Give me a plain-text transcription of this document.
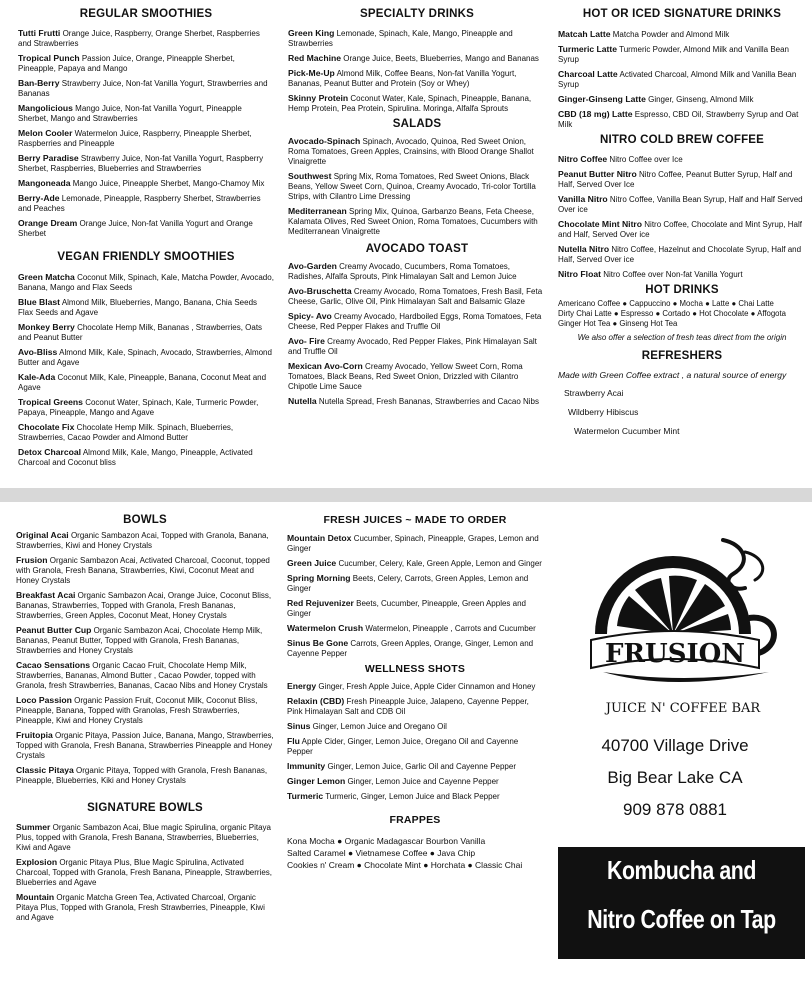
REGULAR SMOOTHIES
Tutti Frutti Orange Juice, Raspberry, Orange Sherbet, Raspberries and Strawberries
Tropical Punch Passion Juice, Orange, Pineapple Sherbet, Pineapple, Papaya and Mango
Ban-Berry Strawberry Juice, Non-fat Vanilla Yogurt, Strawberries and Bananas
Mangolicious Mango Juice, Non-fat Vanilla Yogurt, Pineapple Sherbet, Mango and Strawberries
Melon Cooler Watermelon Juice, Raspberry, Pineapple Sherbet, Raspberries and Pineapple
Berry Paradise Strawberry Juice, Non-fat Vanilla Yogurt, Raspberry Sherbet, Raspberries, Blueberries and Strawberries
Mangoneada Mango Juice, Pineapple Sherbet, Mango-Chamoy Mix
Berry-Ade Lemonade, Pineapple, Raspberry Sherbet, Strawberries and Peaches
Orange Dream Orange Juice, Non-fat Vanilla Yogurt and Orange Sherbet
VEGAN FRIENDLY SMOOTHIES
Green Matcha Coconut Milk, Spinach, Kale, Matcha Powder, Avocado, Banana, Mango and Flax Seeds
Blue Blast Almond Milk, Blueberries, Mango, Banana, Chia Seeds Flax Seeds and Agave
Monkey Berry Chocolate Hemp Milk, Bananas , Strawberries, Oats and Peanut Butter
Avo-Bliss Almond Milk, Kale, Spinach, Avocado, Strawberries, Almond Butter and Agave
Kale-Ada Coconut Milk, Kale, Pineapple, Banana, Coconut Meat and Agave
Tropical Greens Coconut Water, Spinach, Kale, Turmeric Powder, Papaya, Pineapple, Mango and Agave
Chocolate Fix Chocolate Hemp Milk. Spinach, Blueberries, Strawberries, Cacao Powder and Almond Butter
Detox Charcoal Almond Milk, Kale, Mango, Pineapple, Activated Charcoal and Coconut bliss
SPECIALTY DRINKS
Green King Lemonade, Spinach, Kale, Mango, Pineapple and Strawberries
Red Machine Orange Juice, Beets, Blueberries, Mango and Bananas
Pick-Me-Up Almond Milk, Coffee Beans, Non-fat Vanilla Yogurt, Bananas, Peanut Butter and Protein (Soy or Whey)
Skinny Protein Coconut Water, Kale, Spinach, Pineapple, Banana, Hemp Protein, Pea Protein, Spirulina. Moringa, Alfalfa Sprouts
SALADS
Avocado-Spinach Spinach, Avocado, Quinoa, Red Sweet Onion, Roma Tomatoes, Green Apples, Crainsins, with Blood Orange Shallot Vinaigrette
Southwest Spring Mix, Roma Tomatoes, Red Sweet Onions, Black Beans, Yellow Sweet Corn, Quinoa, Creamy Avocado, Tri-color Tortilla Strips, with Cilantro Lime Dressing
Mediterranean Spring Mix, Quinoa, Garbanzo Beans, Feta Cheese, Kalamata Olives, Red Sweet Onion, Roma Tomatoes, Cucumbers with Mediterranean Vinaigrette
AVOCADO TOAST
Avo-Garden Creamy Avocado, Cucumbers, Roma Tomatoes, Radishes, Alfalfa Sprouts, Pink Himalayan Salt and Lemon Juice
Avo-Bruschetta Creamy Avocado, Roma Tomatoes, Fresh Basil, Feta Cheese, Garlic, Olive Oil, Pink Himalayan Salt and Balsamic Glaze
Spicy- Avo Creamy Avocado, Hardboiled Eggs, Roma Tomatoes, Feta Cheese, Red Pepper Flakes and Truffle Oil
Avo- Fire Creamy Avocado, Red Pepper Flakes, Pink Himalayan Salt and Truffle Oil
Mexican Avo-Corn Creamy Avocado, Yellow Sweet Corn, Roma Tomatoes, Black Beans, Red Sweet Onion, Drizzled with Cilantro Chipotle Lime Sauce
Nutella Nutella Spread, Fresh Bananas, Strawberries and Cacao Nibs
HOT OR ICED SIGNATURE DRINKS
Matcah Latte Matcha Powder and Almond Milk
Turmeric Latte Turmeric Powder, Almond Milk and Vanilla Bean Syrup
Charcoal Latte Activated Charcoal, Almond Milk and Vanilla Bean Syrup
Ginger-Ginseng Latte Ginger, Ginseng, Almond Milk
CBD (18 mg) Latte Espresso, CBD Oil, Strawberry Syrup and Oat Milk
NITRO COLD BREW COFFEE
Nitro Coffee Nitro Coffee over Ice
Peanut Butter Nitro Nitro Coffee, Peanut Butter Syrup, Half and Half, Served Over Ice
Vanilla Nitro Nitro Coffee, Vanilla Bean Syrup, Half and Half Served Over ice
Chocolate Mint Nitro Nitro Coffee, Chocolate and Mint Syrup, Half and Half, Served Over ice
Nutella Nitro Nitro Coffee, Hazelnut and Chocolate Syrup, Half and Half, Served Over ice
Nitro Float Nitro Coffee over Non-fat Vanilla Yogurt
HOT DRINKS
Americano Coffee ● Cappuccino ● Mocha ● Latte ● Chai Latte
Dirty Chai Latte ● Espresso ● Cortado ● Hot Chocolate ● Affogota
Ginger Hot Tea ● Ginseng Hot Tea
We also offer a selection of fresh teas direct from the origin
REFRESHERS
Made with Green Coffee extract , a natural source of energy
Strawberry Acai
Wildberry Hibiscus
Watermelon Cucumber Mint
BOWLS
Original Acai Organic Sambazon Acai, Topped with Granola, Banana, Strawberries, Kiwi and Honey Crystals
Frusion Organic Sambazon Acai, Activated Charcoal, Coconut, topped with Granola, Fresh Banana, Strawberries, Kiwi, Coconut Meat and Honey Crystals
Breakfast Acai Organic Sambazon Acai, Orange Juice, Coconut Bliss, Bananas, Strawberries, Topped with Granola, Fresh Bananas, Strawberries, Green Apples, Coconut Meat, Honey Crystals
Peanut Butter Cup Organic Sambazon Acai, Chocolate Hemp Milk, Bananas, Peanut Butter, Topped with Granola, Fresh Bananas, Strawberries and Honey Crystals
Cacao Sensations Organic Cacao Fruit, Chocolate Hemp Milk, Strawberries, Bananas, Almond Butter , Cacao Powder, topped with Granola, fresh Strawberries, Bananas, Cacao Nibs and Honey Crystals
Loco Passion Organic Passion Fruit, Coconut Milk, Coconut Bliss, Pineapple, Banana, Topped with Granolas, Fresh Strawberries, Pineapple, Kiwi and Honey Crystals
Fruitopia Organic Pitaya, Passion Juice, Banana, Mango, Strawberries, Topped with Granola, Fresh Banana, Strawberries Pineapple and Honey Crystals
Classic Pitaya Organic Pitaya, Topped with Granola, Fresh Bananas, Pineapple, Blueberries, Kiki and Honey Crystals
SIGNATURE BOWLS
Summer Organic Sambazon Acai, Blue magic Spirulina, organic Pitaya Plus, topped with Granola, Fresh Banana, Strawberries, Blueberries, Kiwi and Agave
Explosion Organic Pitaya Plus, Blue Magic Spirulina, Activated Charcoal, Topped with Granola, Fresh Banana, Pineapple, Strawberries, Blueberries and Agave
Mountain Organic Matcha Green Tea, Activated Charcoal, Organic Pitaya Plus, Topped with Granola, Fresh Strawberries, Pineapple, Kiwi and Agave
FRESH JUICES ~ MADE TO ORDER
Mountain Detox Cucumber, Spinach, Pineapple, Grapes, Lemon and Ginger
Green Juice Cucumber, Celery, Kale, Green Apple, Lemon and Ginger
Spring Morning Beets, Celery, Carrots, Green Apples, Lemon and Ginger
Red Rejuvenizer Beets, Cucumber, Pineapple, Green Apples and Ginger
Watermelon Crush Watermelon, Pineapple , Carrots and Cucumber
Sinus Be Gone Carrots, Green Apples, Orange, Ginger, Lemon and Cayenne Pepper
WELLNESS SHOTS
Energy Ginger, Fresh Apple Juice, Apple Cider Cinnamon and Honey
Relaxin (CBD) Fresh Pineapple Juice, Jalapeno, Cayenne Pepper, Pink Himalayan Salt and CDB Oil
Sinus Ginger, Lemon Juice and Oregano Oil
Flu Apple Cider, Ginger, Lemon Juice, Oregano Oil and Cayenne Pepper
Immunity Ginger, Lemon Juice, Garlic Oil and Cayenne Pepper
Ginger Lemon Ginger, Lemon Juice and Cayenne Pepper
Turmeric Turmeric, Ginger, Lemon Juice and Black Pepper
FRAPPES
Kona Mocha ● Organic Madagascar Bourbon Vanilla
Salted Caramel ● Vietnamese Coffee ● Java Chip
Cookies n' Cream ● Chocolate Mint ● Horchata ● Classic Chai
FRUSION
JUICE N' COFFEE BAR
40700 Village Drive
Big Bear Lake CA
909 878 0881
Kombucha and
Nitro Coffee on Tap
